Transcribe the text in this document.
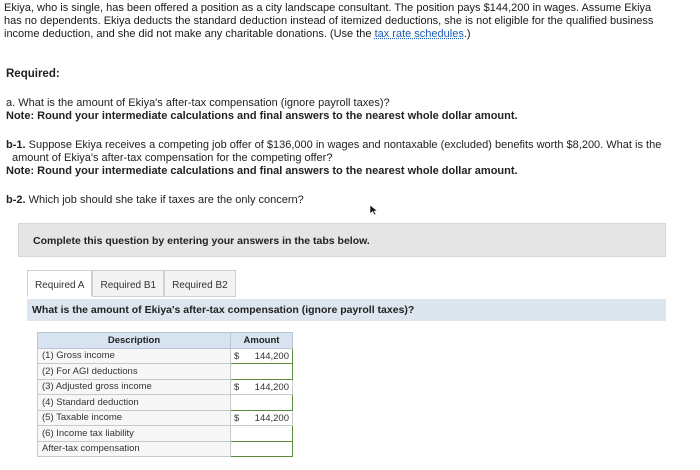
Ekiya, who is single, has been offered a position as a city landscape consultant. The position pays $144,200 in wages. Assume Ekiya
has no dependents. Ekiya deducts the standard deduction instead of itemized deductions, she is not eligible for the qualified business
income deduction, and she did not make any charitable donations. (Use the tax rate schedules.)
Required:
a. What is the amount of Ekiya's after-tax compensation (ignore payroll taxes)?
Note: Round your intermediate calculations and final answers to the nearest whole dollar amount.
b-1. Suppose Ekiya receives a competing job offer of $136,000 in wages and nontaxable (excluded) benefits worth $8,200. What is the
amount of Ekiya's after-tax compensation for the competing offer?
Note: Round your intermediate calculations and final answers to the nearest whole dollar amount.
b-2. Which job should she take if taxes are the only concern?
Complete this question by entering your answers in the tabs below.
Required A	Required B1	Required B2
What is the amount of Ekiya's after-tax compensation (ignore payroll taxes)?
Description	Amount
(1) Gross income	$ 144,200

(2) For AGI deductions	

(3) Adjusted gross income	$ 144,200

(4) Standard deduction	

(5) Taxable income	$ 144,200

(6) Income tax liability	

After-tax compensation	
